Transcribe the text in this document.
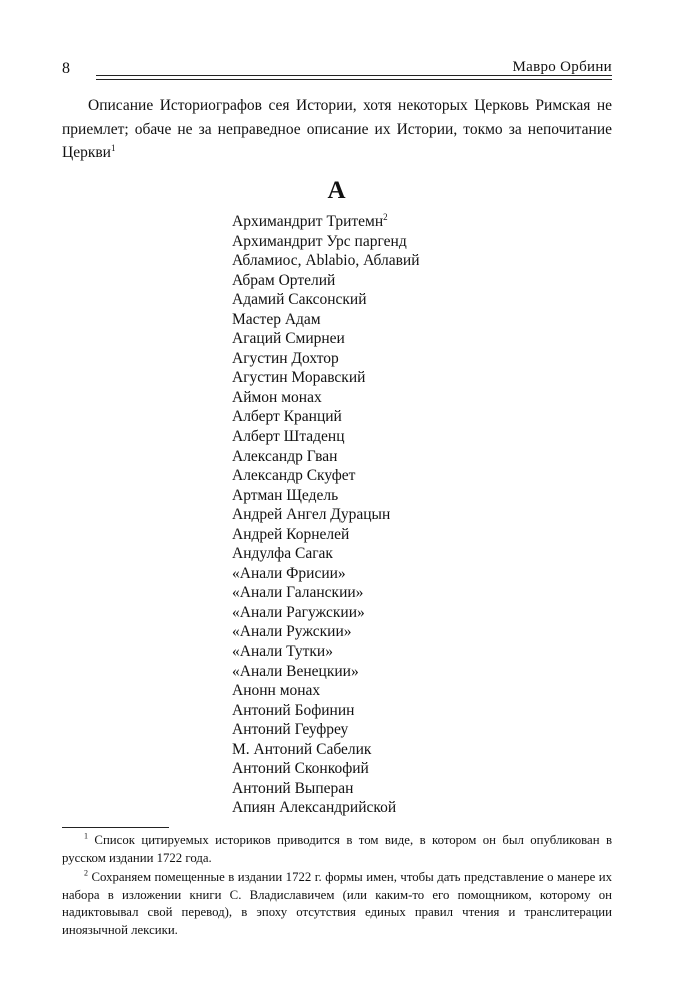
8	Мавро Орбини

Описание Историографов сея Истории, хотя некоторых Церковь Римская не приемлет; обаче не за неправедное описание их Истории, токмо за непочитание Церкви$^1$

А
Архимандрит Тритемн$^2$
Архимандрит Урс паргенд
Абламиос, Ablabio, Аблавий
Абрам Ортелий
Адамий Саксонский
Мастер Адам
Агаций Смирнеи
Агустин Дохтор
Агустин Моравский
Аймон монах
Алберт Кранций
Алберт Штаденц
Александр Гван
Александр Скуфет
Артман Щедель
Андрей Ангел Дурацын
Андрей Корнелей
Андулфа Сагак
«Анали Фрисии»
«Анали Галанскии»
«Анали Рагужскии»
«Анали Ружскии»
«Анали Тутки»
«Анали Венецкии»
Анонн монах
Антоний Бофинин
Антоний Геуфреу
М. Антоний Сабелик
Антоний Сконкофий
Антоний Выперан
Апиян Александрийской

$^1$ Список цитируемых историков приводится в том виде, в котором он был опубликован в русском издании 1722 года.

$^2$ Сохраняем помещенные в издании 1722 г. формы имен, чтобы дать представление о манере их набора в изложении книги С. Владиславичем (или каким-то его помощником, которому он надиктовывал свой перевод), в эпоху отсутствия единых правил чтения и транслитерации иноязычной лексики.
